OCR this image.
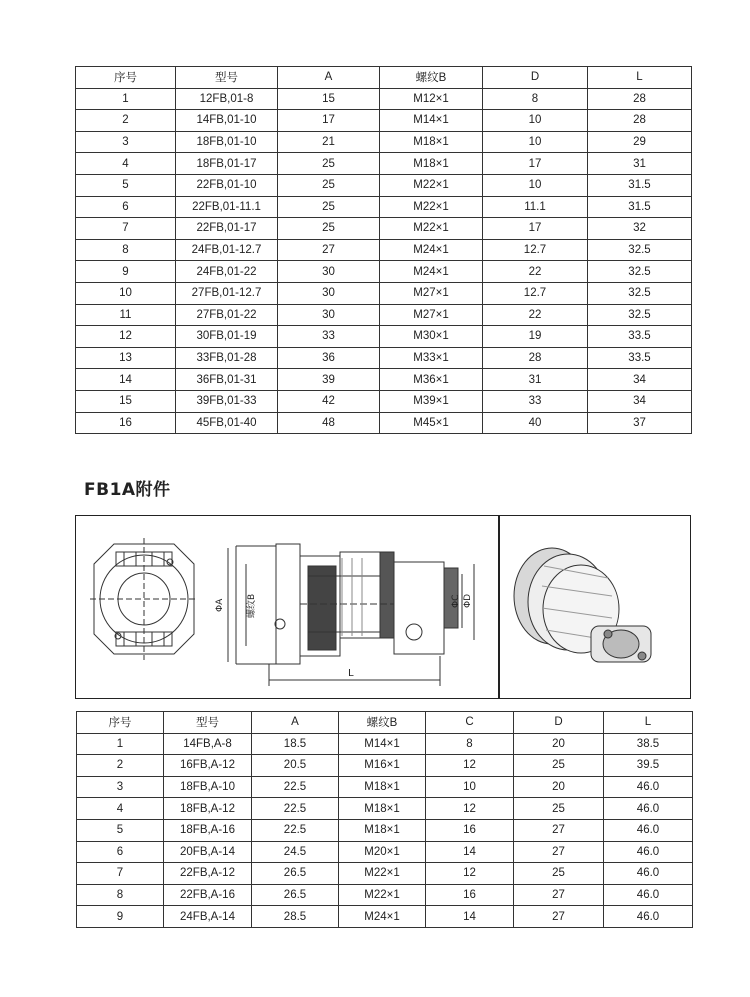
序号	型号	A	螺纹B	D	L
1	12FB,01-8	15	M12×1	8	28
2	14FB,01-10	17	M14×1	10	28
3	18FB,01-10	21	M18×1	10	29
4	18FB,01-17	25	M18×1	17	31
5	22FB,01-10	25	M22×1	10	31.5
6	22FB,01-11.1	25	M22×1	11.1	31.5
7	22FB,01-17	25	M22×1	17	32
8	24FB,01-12.7	27	M24×1	12.7	32.5
9	24FB,01-22	30	M24×1	22	32.5
10	27FB,01-12.7	30	M27×1	12.7	32.5
11	27FB,01-22	30	M27×1	22	32.5
12	30FB,01-19	33	M30×1	19	33.5
13	33FB,01-28	36	M33×1	28	33.5
14	36FB,01-31	39	M36×1	31	34
15	39FB,01-33	42	M39×1	33	34
16	45FB,01-40	48	M45×1	40	37
FB1A附件
ΦA 螺纹B	ΦC ΦD
L
序号	型号	A	螺纹B	C	D	L
1	14FB,A-8	18.5	M14×1	8	20	38.5
2	16FB,A-12	20.5	M16×1	12	25	39.5
3	18FB,A-10	22.5	M18×1	10	20	46.0
4	18FB,A-12	22.5	M18×1	12	25	46.0
5	18FB,A-16	22.5	M18×1	16	27	46.0
6	20FB,A-14	24.5	M20×1	14	27	46.0
7	22FB,A-12	26.5	M22×1	12	25	46.0
8	22FB,A-16	26.5	M22×1	16	27	46.0
9	24FB,A-14	28.5	M24×1	14	27	46.0
